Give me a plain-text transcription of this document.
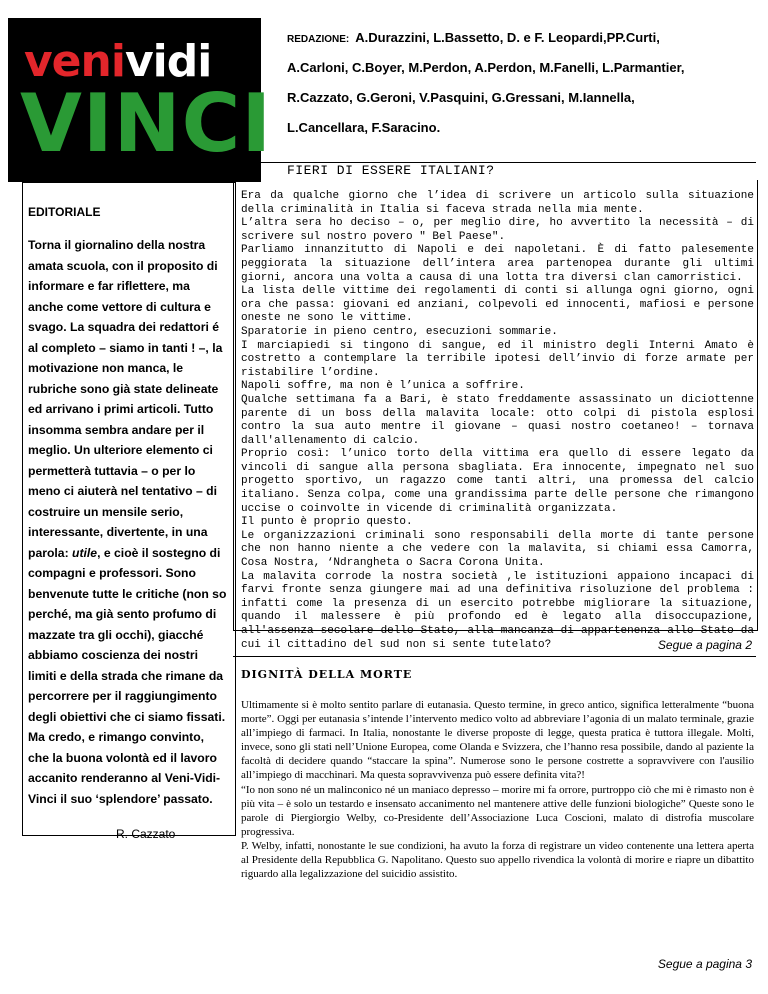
venividi
VINCI
REDAZIONE: A.Durazzini, L.Bassetto, D. e F. Leopardi,PP.Curti,
A.Carloni, C.Boyer, M.Perdon, A.Perdon, M.Fanelli, L.Parmantier,
R.Cazzato, G.Geroni, V.Pasquini, G.Gressani, M.Iannella,
L.Cancellara, F.Saracino.
FIERI DI ESSERE ITALIANI?
EDITORIALE
Torna il giornalino della nostra amata scuola, con il proposito di informare e far riflettere, ma anche come vettore di cultura e svago. La squadra dei redattori é al completo – siamo in tanti ! –, la motivazione non manca, le rubriche sono già state delineate ed arrivano i primi articoli. Tutto insomma sembra andare per il meglio. Un ulteriore elemento ci permetterà tuttavia – o per lo meno ci aiuterà nel tentativo – di costruire un mensile serio, interessante, divertente, in una parola: utile, e cioè il sostegno di compagni e professori. Sono benvenute tutte le critiche (non so perché, ma già sento profumo di mazzate tra gli occhi), giacché abbiamo coscienza dei nostri limiti e della strada che rimane da percorrere per il raggiungimento degli obiettivi che ci siamo fissati. Ma credo, e rimango convinto, che la buona volontà ed il lavoro accanito renderanno al Veni-Vidi-Vinci il suo ‘splendore’ passato.
R. Cazzato

Era da qualche giorno che l’idea di scrivere un articolo sulla situazione della criminalità in Italia si faceva strada nella mia mente.

L’altra sera ho deciso – o, per meglio dire, ho avvertito la necessità – di scrivere sul nostro povero " Bel Paese".

Parliamo innanzitutto di Napoli e dei napoletani. È di fatto palesemente peggiorata la situazione dell’intera area partenopea durante gli ultimi giorni, ancora una volta a causa di una lotta tra diversi clan camorristici.

La lista delle vittime dei regolamenti di conti si allunga ogni giorno, ogni ora che passa: giovani ed anziani, colpevoli ed innocenti, mafiosi e persone oneste ne sono le vittime.

Sparatorie in pieno centro, esecuzioni sommarie.

I marciapiedi si tingono di sangue, ed il ministro degli Interni Amato è costretto a contemplare la terribile ipotesi dell’invio di forze armate per ristabilire l’ordine.

Napoli soffre, ma non è l’unica a soffrire.

Qualche settimana fa a Bari, è stato freddamente assassinato un diciottenne parente di un boss della malavita locale: otto colpi di pistola esplosi contro la sua auto mentre il giovane – quasi nostro coetaneo! – tornava dall'allenamento di calcio.

Proprio così: l’unico torto della vittima era quello di essere legato da vincoli di sangue alla persona sbagliata. Era innocente, impegnato nel suo progetto sportivo, un ragazzo come tanti altri, una promessa del calcio italiano. Senza colpa, come una grandissima parte delle persone che rimangono uccise o coinvolte in vicende di criminalità organizzata.

Il punto è proprio questo.

Le organizzazioni criminali sono responsabili della morte di tante persone che non hanno niente a che vedere con la malavita, si chiami essa Camorra, Cosa Nostra, ‘Ndrangheta o Sacra Corona Unita.

La malavita corrode la nostra società ,le istituzioni appaiono incapaci di farvi fronte senza giungere mai ad una definitiva risoluzione del problema : infatti come la presenza di un esercito potrebbe migliorare la situazione, quando il malessere è più profondo ed è legato alla disoccupazione, all'assenza secolare dello Stato, alla mancanza di appartenenza allo Stato da cui il cittadino del sud non si sente tutelato?	Segue a pagina 2
DIGNITÀ DELLA MORTE

Ultimamente si è molto sentito parlare di eutanasia. Questo termine, in greco antico, significa letteralmente “buona morte”. Oggi per eutanasia s’intende l’intervento medico volto ad abbreviare l’agonia di un malato terminale, grazie all’impiego di farmaci. In Italia, nonostante le diverse proposte di legge, questa pratica è tuttora illegale. Molti, invece, sono gli stati nell’Unione Europea, come Olanda e Svizzera, che l’hanno resa possibile, dando al paziente la facoltà di decidere quando “staccare la spina”. Numerose sono le persone costrette a sopravvivere con l'ausilio all’impiego di macchinari. Ma questa sopravvivenza può essere definita vita?!

“Io non sono né un malinconico né un maniaco depresso – morire mi fa orrore, purtroppo ciò che mi è rimasto non è più vita – è solo un testardo e insensato accanimento nel mantenere attive delle funzioni biologiche” Queste sono le parole di Piergiorgio Welby, co-Presidente dell’Associazione Luca Coscioni, malato di distrofia muscolare progressiva.

P. Welby, infatti, nonostante le sue condizioni, ha avuto la forza di registrare un video contenente una lettera aperta al Presidente della Repubblica G. Napolitano. Questo suo appello rivendica la volontà di morire e riapre un dibattito riguardo alla legalizzazione del suicidio assistito.

Segue a pagina 3
